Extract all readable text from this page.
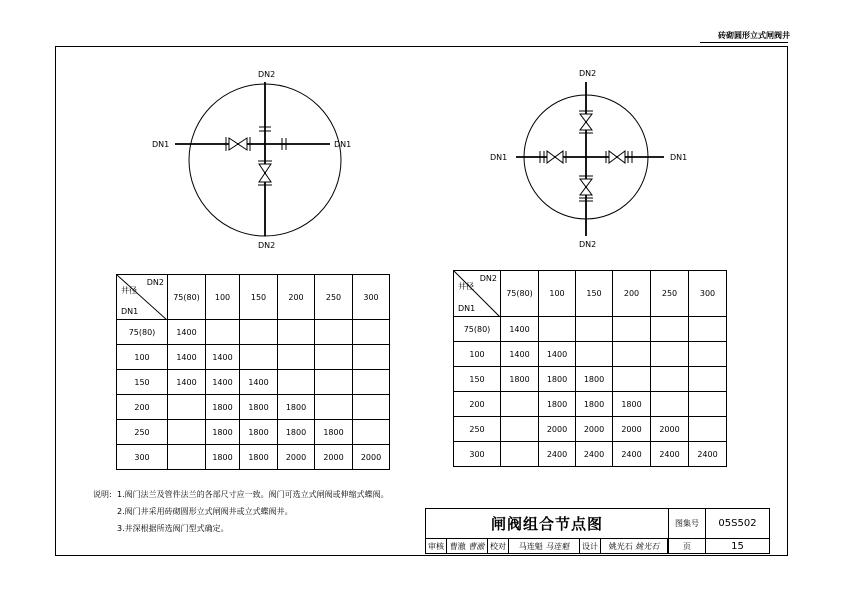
砖砌圆形立式闸阀井
DN2
DN2
DN1	DN1
DN2
DN2
DN1	DN1
DN2
井径
DN1	75(80)	100	150	200	250	300
75(80)	1400					
100	1400	1400				
150	1400	1400	1400			
200		1800	1800	1800		
250		1800	1800	1800	1800	
300		1800	1800	2000	2000	2000
DN2
井径
DN1	75(80)	100	150	200	250	300
75(80)	1400					
100	1400	1400				
150	1800	1800	1800			
200		1800	1800	1800		
250		2000	2000	2000	2000	
300		2400	2400	2400	2400	2400
说明: 1.阀门法兰及管件法兰的各部尺寸应一致。阀门可选立式闸阀或伸缩式蝶阀。
2.阀门井采用砖砌圆形立式闸阀井或立式蝶阀井。
3.井深根据所选阀门型式确定。	闸阀组合节点图						图集号	05S502
审核	曹澈 曹澈	校对	马连魁 马连魁	设计	姚光石 姚光石		页	15
